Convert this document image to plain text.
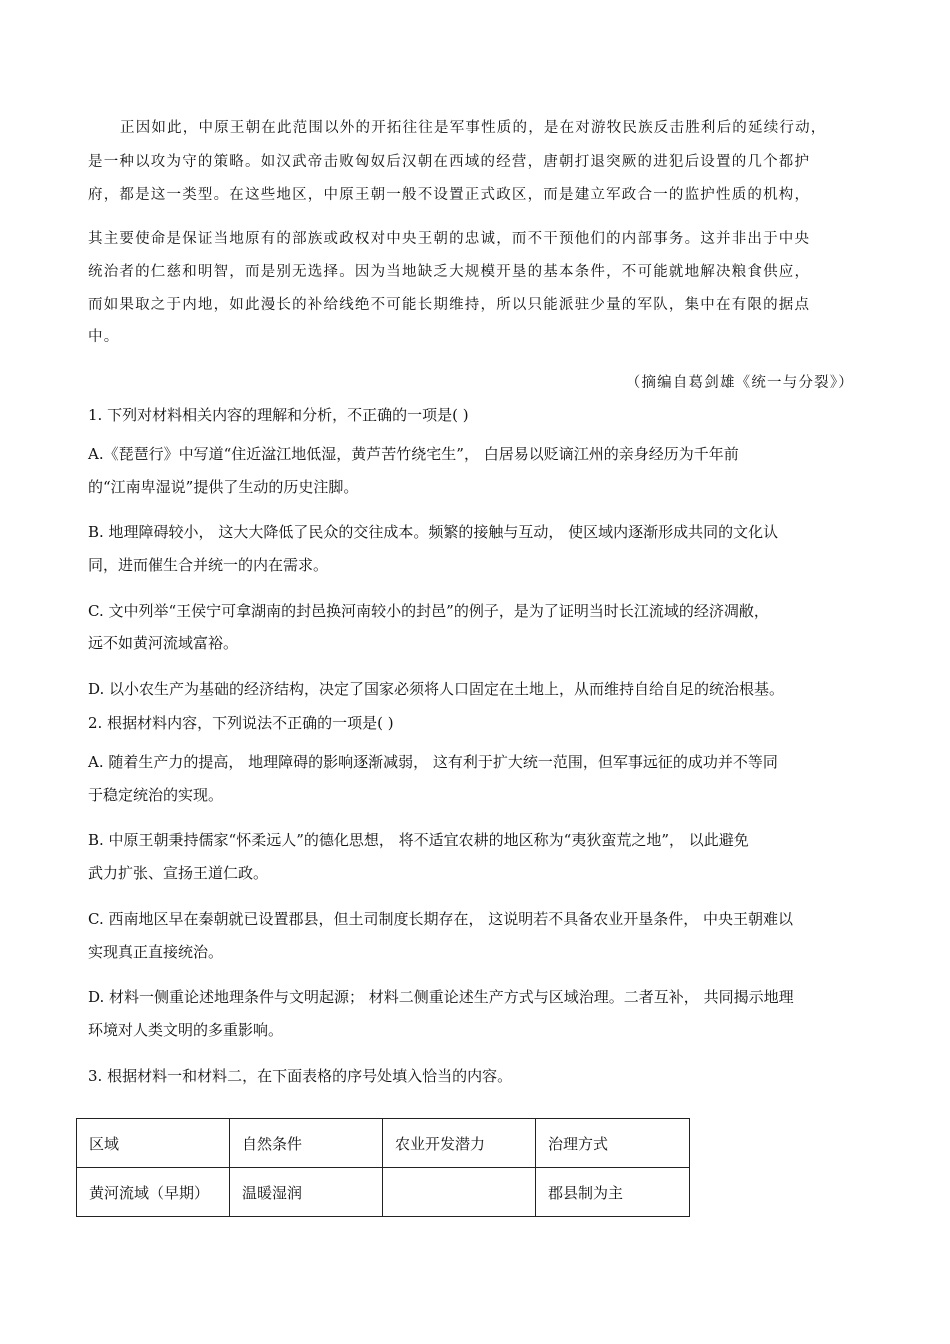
正因如此，中原王朝在此范围以外的开拓往往是军事性质的，是在对游牧民族反击胜利后的延续行动，
是一种以攻为守的策略。如汉武帝击败匈奴后汉朝在西域的经营，唐朝打退突厥的进犯后设置的几个都护
府，都是这一类型。在这些地区，中原王朝一般不设置正式政区，而是建立军政合一的监护性质的机构，
其主要使命是保证当地原有的部族或政权对中央王朝的忠诚，而不干预他们的内部事务。这并非出于中央
统治者的仁慈和明智，而是别无选择。因为当地缺乏大规模开垦的基本条件，不可能就地解决粮食供应，
而如果取之于内地，如此漫长的补给线绝不可能长期维持，所以只能派驻少量的军队，集中在有限的据点
中。
（摘编自葛剑雄《统一与分裂》）
1. 下列对材料相关内容的理解和分析，不正确的一项是( )
A.《琵琶行》中写道“住近湓江地低湿，黄芦苦竹绕宅生”， 白居易以贬谪江州的亲身经历为千年前
的“江南卑湿说”提供了生动的历史注脚。
B. 地理障碍较小， 这大大降低了民众的交往成本。频繁的接触与互动， 使区域内逐渐形成共同的文化认
同，进而催生合并统一的内在需求。
C. 文中列举“王侯宁可拿湖南的封邑换河南较小的封邑”的例子，是为了证明当时长江流域的经济凋敝，
远不如黄河流域富裕。
D. 以小农生产为基础的经济结构，决定了国家必须将人口固定在土地上，从而维持自给自足的统治根基。
2. 根据材料内容，下列说法不正确的一项是( )
A. 随着生产力的提高， 地理障碍的影响逐渐减弱， 这有利于扩大统一范围，但军事远征的成功并不等同
于稳定统治的实现。
B. 中原王朝秉持儒家“怀柔远人”的德化思想， 将不适宜农耕的地区称为“夷狄蛮荒之地”， 以此避免
武力扩张、宣扬王道仁政。
C. 西南地区早在秦朝就已设置郡县，但土司制度长期存在， 这说明若不具备农业开垦条件， 中央王朝难以
实现真正直接统治。
D. 材料一侧重论述地理条件与文明起源； 材料二侧重论述生产方式与区域治理。二者互补， 共同揭示地理
环境对人类文明的多重影响。
3. 根据材料一和材料二，在下面表格的序号处填入恰当的内容。
区域	自然条件	农业开发潜力	治理方式
黄河流域（早期）	温暖湿润		郡县制为主
